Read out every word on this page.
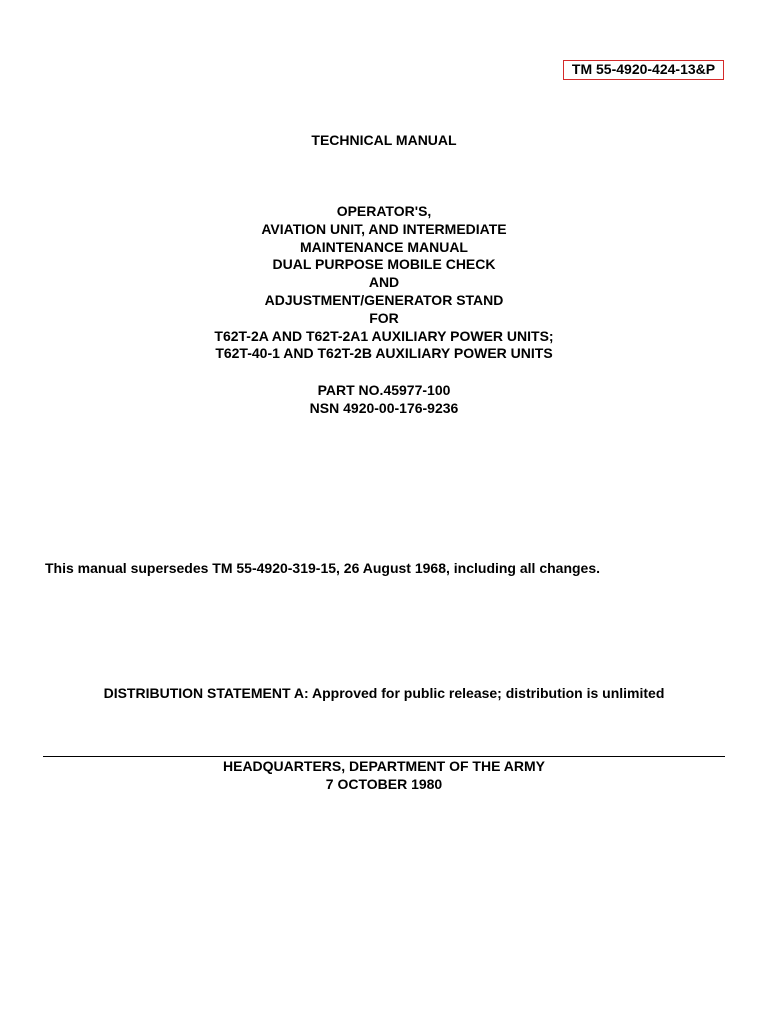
TM 55-4920-424-13&P
TECHNICAL MANUAL
OPERATOR'S,
AVIATION UNIT, AND INTERMEDIATE
MAINTENANCE MANUAL
DUAL PURPOSE MOBILE CHECK
AND
ADJUSTMENT/GENERATOR STAND
FOR
T62T-2A AND T62T-2A1 AUXILIARY POWER UNITS;
T62T-40-1 AND T62T-2B AUXILIARY POWER UNITS
PART NO.45977-100
NSN 4920-00-176-9236
This manual supersedes TM 55-4920-319-15, 26 August 1968, including all changes.
DISTRIBUTION STATEMENT A: Approved for public release; distribution is unlimited
HEADQUARTERS, DEPARTMENT OF THE ARMY
7 OCTOBER 1980
